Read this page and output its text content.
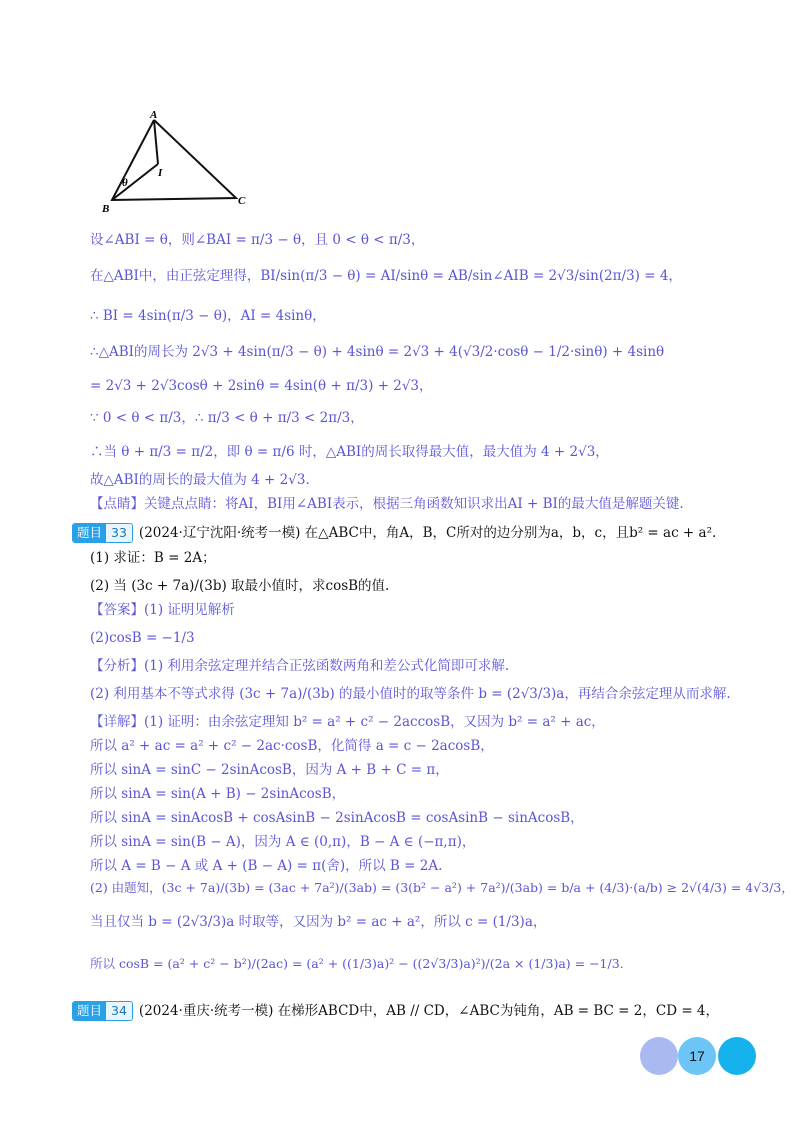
A
B
C
I
θ
设∠ABI = θ，则∠BAI = π/3 − θ，且 0 < θ < π/3，
在△ABI中，由正弦定理得，BI/sin(π/3 − θ) = AI/sinθ = AB/sin∠AIB = 2√3/sin(2π/3) = 4，
∴ BI = 4sin(π/3 − θ)，AI = 4sinθ，
∴△ABI的周长为 2√3 + 4sin(π/3 − θ) + 4sinθ = 2√3 + 4(√3/2·cosθ − 1/2·sinθ) + 4sinθ
= 2√3 + 2√3cosθ + 2sinθ = 4sin(θ + π/3) + 2√3，
∵ 0 < θ < π/3，∴ π/3 < θ + π/3 < 2π/3，
∴当 θ + π/3 = π/2，即 θ = π/6 时，△ABI的周长取得最大值，最大值为 4 + 2√3，
故△ABI的周长的最大值为 4 + 2√3.
【点睛】关键点点睛：将AI，BI用∠ABI表示，根据三角函数知识求出AI + BI的最大值是解题关键.
题目 33 (2024·辽宁沈阳·统考一模) 在△ABC中，角A，B，C所对的边分别为a，b，c，且b² = ac + a².
(1) 求证：B = 2A；
(2) 当 (3c + 7a)/(3b) 取最小值时，求cosB的值.
【答案】(1) 证明见解析
(2)cosB = −1/3
【分析】(1) 利用余弦定理并结合正弦函数两角和差公式化简即可求解.
(2) 利用基本不等式求得 (3c + 7a)/(3b) 的最小值时的取等条件 b = (2√3/3)a，再结合余弦定理从而求解.
【详解】(1) 证明：由余弦定理知 b² = a² + c² − 2accosB，又因为 b² = a² + ac，
所以 a² + ac = a² + c² − 2ac·cosB，化简得 a = c − 2acosB，
所以 sinA = sinC − 2sinAcosB，因为 A + B + C = π，
所以 sinA = sin(A + B) − 2sinAcosB，
所以 sinA = sinAcosB + cosAsinB − 2sinAcosB = cosAsinB − sinAcosB，
所以 sinA = sin(B − A)，因为 A ∈ (0,π)，B − A ∈ (−π,π)，
所以 A = B − A 或 A + (B − A) = π(舍)，所以 B = 2A.
(2) 由题知，(3c + 7a)/(3b) = (3ac + 7a²)/(3ab) = (3(b² − a²) + 7a²)/(3ab) = b/a + (4/3)·(a/b) ≥ 2√(4/3) = 4√3/3，
当且仅当 b = (2√3/3)a 时取等，又因为 b² = ac + a²，所以 c = (1/3)a，
所以 cosB = (a² + c² − b²)/(2ac) = (a² + ((1/3)a)² − ((2√3/3)a)²)/(2a × (1/3)a) = −1/3.
题目 34 (2024·重庆·统考一模) 在梯形ABCD中，AB // CD，∠ABC为钝角，AB = BC = 2，CD = 4，
17
